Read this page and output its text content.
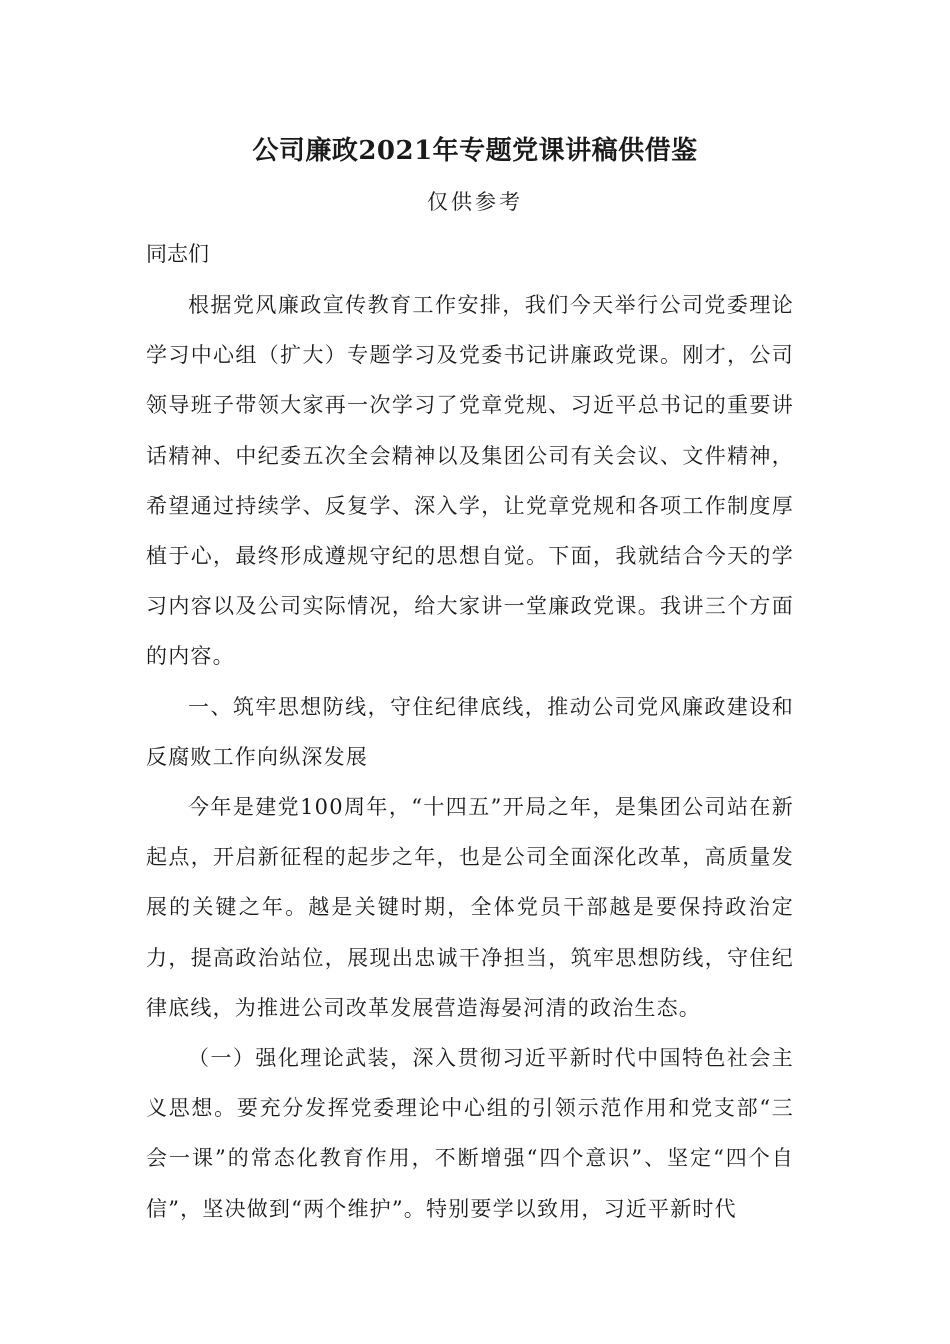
公司廉政2021年专题党课讲稿供借鉴
仅供参考
同志们

根据党风廉政宣传教育工作安排，我们今天举行公司党委理论学习中心组（扩大）专题学习及党委书记讲廉政党课。刚才，公司领导班子带领大家再一次学习了党章党规、习近平总书记的重要讲话精神、中纪委五次全会精神以及集团公司有关会议、文件精神，希望通过持续学、反复学、深入学，让党章党规和各项工作制度厚植于心，最终形成遵规守纪的思想自觉。下面，我就结合今天的学习内容以及公司实际情况，给大家讲一堂廉政党课。我讲三个方面的内容。

一、筑牢思想防线，守住纪律底线，推动公司党风廉政建设和反腐败工作向纵深发展

今年是建党100周年，“十四五”开局之年，是集团公司站在新起点，开启新征程的起步之年，也是公司全面深化改革，高质量发展的关键之年。越是关键时期，全体党员干部越是要保持政治定力，提高政治站位，展现出忠诚干净担当，筑牢思想防线，守住纪律底线，为推进公司改革发展营造海晏河清的政治生态。

（一）强化理论武装，深入贯彻习近平新时代中国特色社会主义思想。要充分发挥党委理论中心组的引领示范作用和党支部“三会一课”的常态化教育作用，不断增强“四个意识”、坚定“四个自信”，坚决做到“两个维护”。特别要学以致用，习近平新时代
